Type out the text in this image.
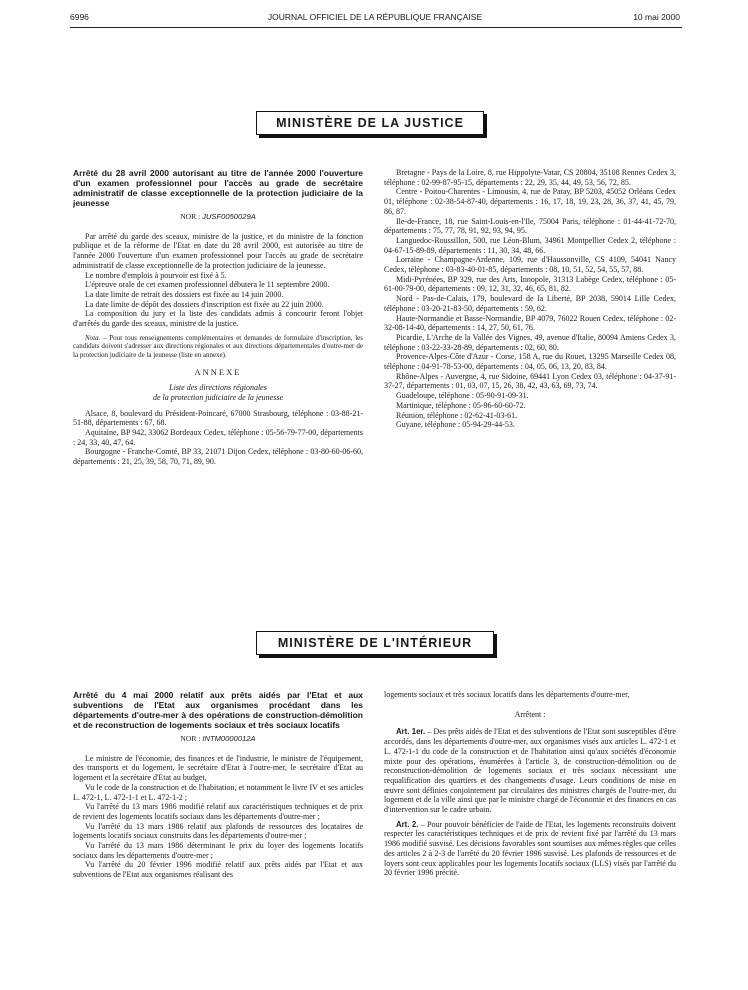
6996	JOURNAL OFFICIEL DE LA RÉPUBLIQUE FRANÇAISE	10 mai 2000
MINISTÈRE DE LA JUSTICE

Arrêté du 28 avril 2000 autorisant au titre de l'année 2000 l'ouverture d'un examen professionnel pour l'accès au grade de secrétaire administratif de classe exceptionnelle de la protection judiciaire de la jeunesse

NOR : JUSF0050029A

Par arrêté du garde des sceaux, ministre de la justice, et du ministre de la fonction publique et de la réforme de l'Etat en date du 28 avril 2000, est autorisée au titre de l'année 2000 l'ouverture d'un examen professionnel pour l'accès au grade de secrétaire administratif de classe exceptionnelle de la protection judiciaire de la jeunesse.

Le nombre d'emplois à pourvoir est fixé à 5.

L'épreuve orale de cet examen professionnel débutera le 11 septembre 2000.

La date limite de retrait des dossiers est fixée au 14 juin 2000.

La date limite de dépôt des dossiers d'inscription est fixée au 22 juin 2000.

La composition du jury et la liste des candidats admis à concourir feront l'objet d'arrêtés du garde des sceaux, ministre de la justice.

Nota. – Pour tous renseignements complémentaires et demandes de formulaire d'inscription, les candidats doivent s'adresser aux directions régionales et aux directions départementales d'outre-mer de la protection judiciaire de la jeunesse (liste en annexe).

ANNEXE

Liste des directions régionales

de la protection judiciaire de la jeunesse

Alsace, 8, boulevard du Président-Poincaré, 67000 Strasbourg, téléphone : 03-88-21-51-88, départements : 67, 68.

Aquitaine, BP 942, 33062 Bordeaux Cedex, téléphone : 05-56-79-77-00, départements : 24, 33, 40, 47, 64.

Bourgogne - Franche-Comté, BP 33, 21071 Dijon Cedex, téléphone : 03-80-60-06-60, départements : 21, 25, 39, 58, 70, 71, 89, 90.

Bretagne - Pays de la Loire, 8, rue Hippolyte-Vatar, CS 20804, 35108 Rennes Cedex 3, téléphone : 02-99-87-95-15, départements : 22, 29, 35, 44, 49, 53, 56, 72, 85.

Centre - Poitou-Charentes - Limousin, 4, rue de Patay, BP 5203, 45052 Orléans Cedex 01, téléphone : 02-38-54-87-40, départements : 16, 17, 18, 19, 23, 28, 36, 37, 41, 45, 79, 86, 87.

Ile-de-France, 18, rue Saint-Louis-en-l'Ile, 75004 Paris, téléphone : 01-44-41-72-70, départements : 75, 77, 78, 91, 92, 93, 94, 95.

Languedoc-Roussillon, 500, rue Léon-Blum, 34961 Montpellier Cedex 2, téléphone : 04-67-15-89-89, départements : 11, 30, 34, 48, 66.

Lorraine - Champagne-Ardenne, 109, rue d'Haussonville, CS 4109, 54041 Nancy Cedex, téléphone : 03-83-40-01-85, départements : 08, 10, 51, 52, 54, 55, 57, 88.

Midi-Pyrénées, BP 329, rue des Arts, Innopole, 31313 Labège Cedex, téléphone : 05-61-00-79-00, départements : 09, 12, 31, 32, 46, 65, 81, 82.

Nord - Pas-de-Calais, 179, boulevard de la Liberté, BP 2038, 59014 Lille Cedex, téléphone : 03-20-21-83-50, départements : 59, 62.

Haute-Normandie et Basse-Normandie, BP 4079, 76022 Rouen Cedex, téléphone : 02-32-08-14-40, départements : 14, 27, 50, 61, 76.

Picardie, L'Arche de la Vallée des Vignes, 49, avenue d'Italie, 80094 Amiens Cedex 3, téléphone : 03-22-33-28-89, départements : 02, 60, 80.

Provence-Alpes-Côte d'Azur - Corse, 158 A, rue du Rouet, 13295 Marseille Cedex 08, téléphone : 04-91-78-53-00, départements : 04, 05, 06, 13, 20, 83, 84.

Rhône-Alpes - Auvergne, 4, rue Sidoine, 69441 Lyon Cedex 03, téléphone : 04-37-91-37-27, départements : 01, 03, 07, 15, 26, 38, 42, 43, 63, 69, 73, 74.

Guadeloupe, téléphone : 05-90-91-09-31.

Martinique, téléphone : 05-96-60-60-72.

Réunion, téléphone : 02-62-41-03-61.

Guyane, téléphone : 05-94-29-44-53.

MINISTÈRE DE L'INTÉRIEUR

Arrêté du 4 mai 2000 relatif aux prêts aidés par l'Etat et aux subventions de l'Etat aux organismes procédant dans les départements d'outre-mer à des opérations de construction-démolition et de reconstruction de logements sociaux et très sociaux locatifs

NOR : INTM0000012A

Le ministre de l'économie, des finances et de l'industrie, le ministre de l'équipement, des transports et du logement, le secrétaire d'Etat à l'outre-mer, le secrétaire d'Etat au logement et la secrétaire d'Etat au budget,

Vu le code de la construction et de l'habitation, et notamment le livre IV et ses articles L. 472-1, L. 472-1-1 et L. 472-1-2 ;

Vu l'arrêté du 13 mars 1986 modifié relatif aux caractéristiques techniques et de prix de revient des logements locatifs sociaux dans les départements d'outre-mer ;

Vu l'arrêté du 13 mars 1986 relatif aux plafonds de ressources des locataires de logements locatifs sociaux construits dans les départements d'outre-mer ;

Vu l'arrêté du 13 mars 1986 déterminant le prix du loyer des logements locatifs sociaux dans les départements d'outre-mer ;

Vu l'arrêté du 20 février 1996 modifié relatif aux prêts aidés par l'Etat et aux subventions de l'Etat aux organismes réalisant des

logements sociaux et très sociaux locatifs dans les départements d'outre-mer,

Arrêtent :

Art. 1er. – Des prêts aidés de l'Etat et des subventions de l'Etat sont susceptibles d'être accordés, dans les départements d'outre-mer, aux organismes visés aux articles L. 472-1 et L. 472-1-1 du code de la construction et de l'habitation ainsi qu'aux sociétés d'économie mixte pour des opérations, énumérées à l'article 3, de construction-démolition ou de reconstruction-démolition de logements sociaux et très sociaux nécessitant une requalification des quartiers et des changements d'usage. Leurs conditions de mise en œuvre sont définies conjointement par circulaires des ministres chargés de l'outre-mer, du logement et de la ville ainsi que par le ministre chargé de l'économie et des finances en cas d'intervention sur le cadre urbain.

Art. 2. – Pour pouvoir bénéficier de l'aide de l'Etat, les logements reconstruits doivent respecter les caractéristiques techniques et de prix de revient fixé par l'arrêté du 13 mars 1986 modifié susvisé. Les décisions favorables sont soumises aux mêmes règles que celles des articles 2 à 2-3 de l'arrêté du 20 février 1996 susvisé. Les plafonds de ressources et de loyers sont ceux applicables pour les logements locatifs sociaux (LLS) visés par l'arrêté du 20 février 1996 précité.
